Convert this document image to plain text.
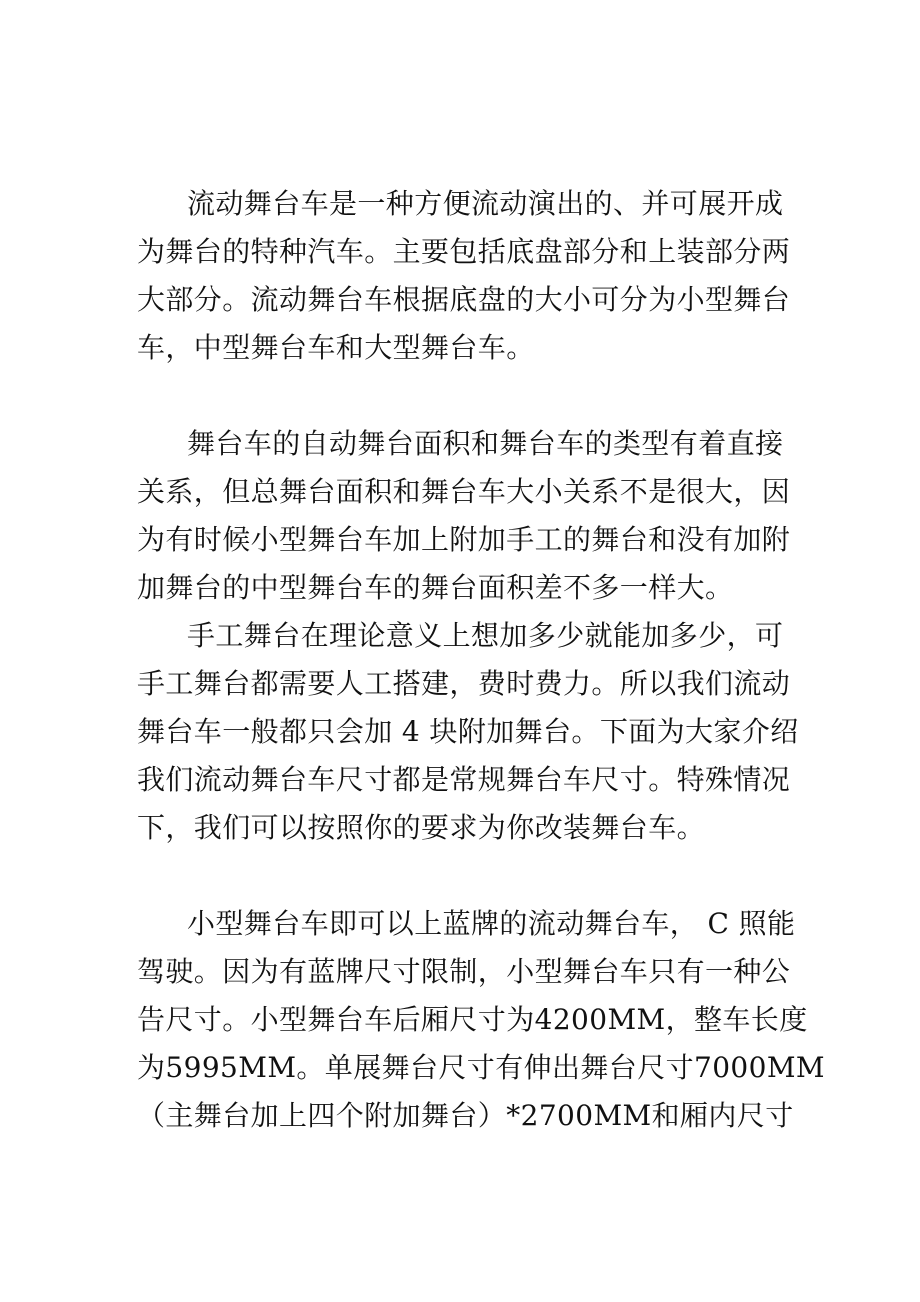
流动舞台车是一种方便流动演出的、并可展开成
为舞台的特种汽车。主要包括底盘部分和上装部分两
大部分。流动舞台车根据底盘的大小可分为小型舞台
车，中型舞台车和大型舞台车。

舞台车的自动舞台面积和舞台车的类型有着直接
关系，但总舞台面积和舞台车大小关系不是很大，因
为有时候小型舞台车加上附加手工的舞台和没有加附
加舞台的中型舞台车的舞台面积差不多一样大。

手工舞台在理论意义上想加多少就能加多少，可
手工舞台都需要人工搭建，费时费力。所以我们流动
舞台车一般都只会加 4 块附加舞台。下面为大家介绍
我们流动舞台车尺寸都是常规舞台车尺寸。特殊情况
下，我们可以按照你的要求为你改装舞台车。

小型舞台车即可以上蓝牌的流动舞台车， C 照能
驾驶。因为有蓝牌尺寸限制，小型舞台车只有一种公
告尺寸。小型舞台车后厢尺寸为4200MM，整车长度
为5995MM。单展舞台尺寸有伸出舞台尺寸7000MM
（主舞台加上四个附加舞台）*2700MM和厢内尺寸
